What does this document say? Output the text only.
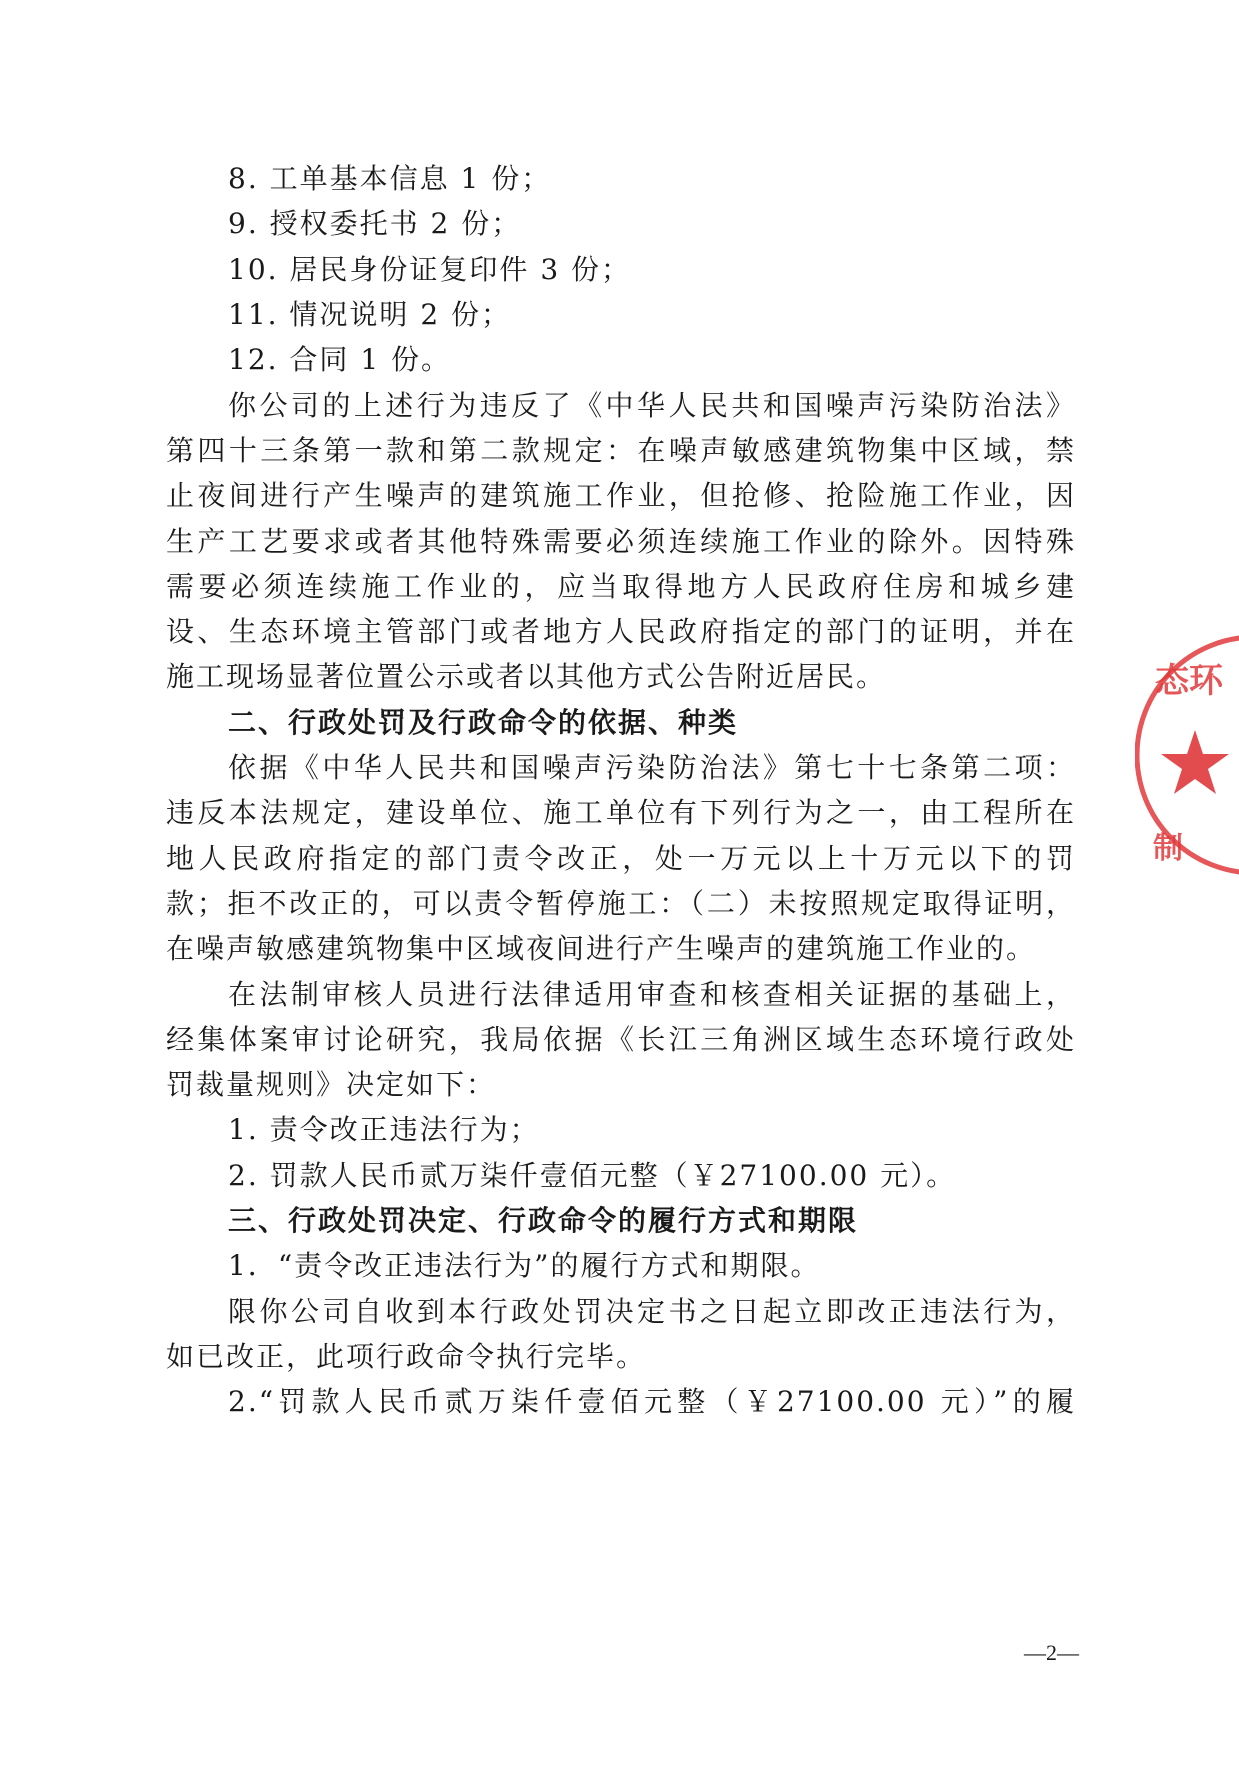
8. 工单基本信息 1 份；
9. 授权委托书 2 份；
10. 居民身份证复印件 3 份；
11. 情况说明 2 份；
12. 合同 1 份。
你公司的上述行为违反了《中华人民共和国噪声污染防治法》
第四十三条第一款和第二款规定：在噪声敏感建筑物集中区域，禁
止夜间进行产生噪声的建筑施工作业，但抢修、抢险施工作业，因
生产工艺要求或者其他特殊需要必须连续施工作业的除外。因特殊
需要必须连续施工作业的，应当取得地方人民政府住房和城乡建
设、生态环境主管部门或者地方人民政府指定的部门的证明，并在
施工现场显著位置公示或者以其他方式公告附近居民。
二、行政处罚及行政命令的依据、种类
依据《中华人民共和国噪声污染防治法》第七十七条第二项：
违反本法规定，建设单位、施工单位有下列行为之一，由工程所在
地人民政府指定的部门责令改正，处一万元以上十万元以下的罚
款；拒不改正的，可以责令暂停施工：（二）未按照规定取得证明，
在噪声敏感建筑物集中区域夜间进行产生噪声的建筑施工作业的。
在法制审核人员进行法律适用审查和核查相关证据的基础上，
经集体案审讨论研究，我局依据《长江三角洲区域生态环境行政处
罚裁量规则》决定如下：
1. 责令改正违法行为；
2. 罚款人民币贰万柒仟壹佰元整（￥27100.00 元）。
三、行政处罚决定、行政命令的履行方式和期限
1．“责令改正违法行为”的履行方式和期限。
限你公司自收到本行政处罚决定书之日起立即改正违法行为，
如已改正，此项行政命令执行完毕。
2.“罚款人民币贰万柒仟壹佰元整（￥27100.00 元）”的履
—2—
态环
制
